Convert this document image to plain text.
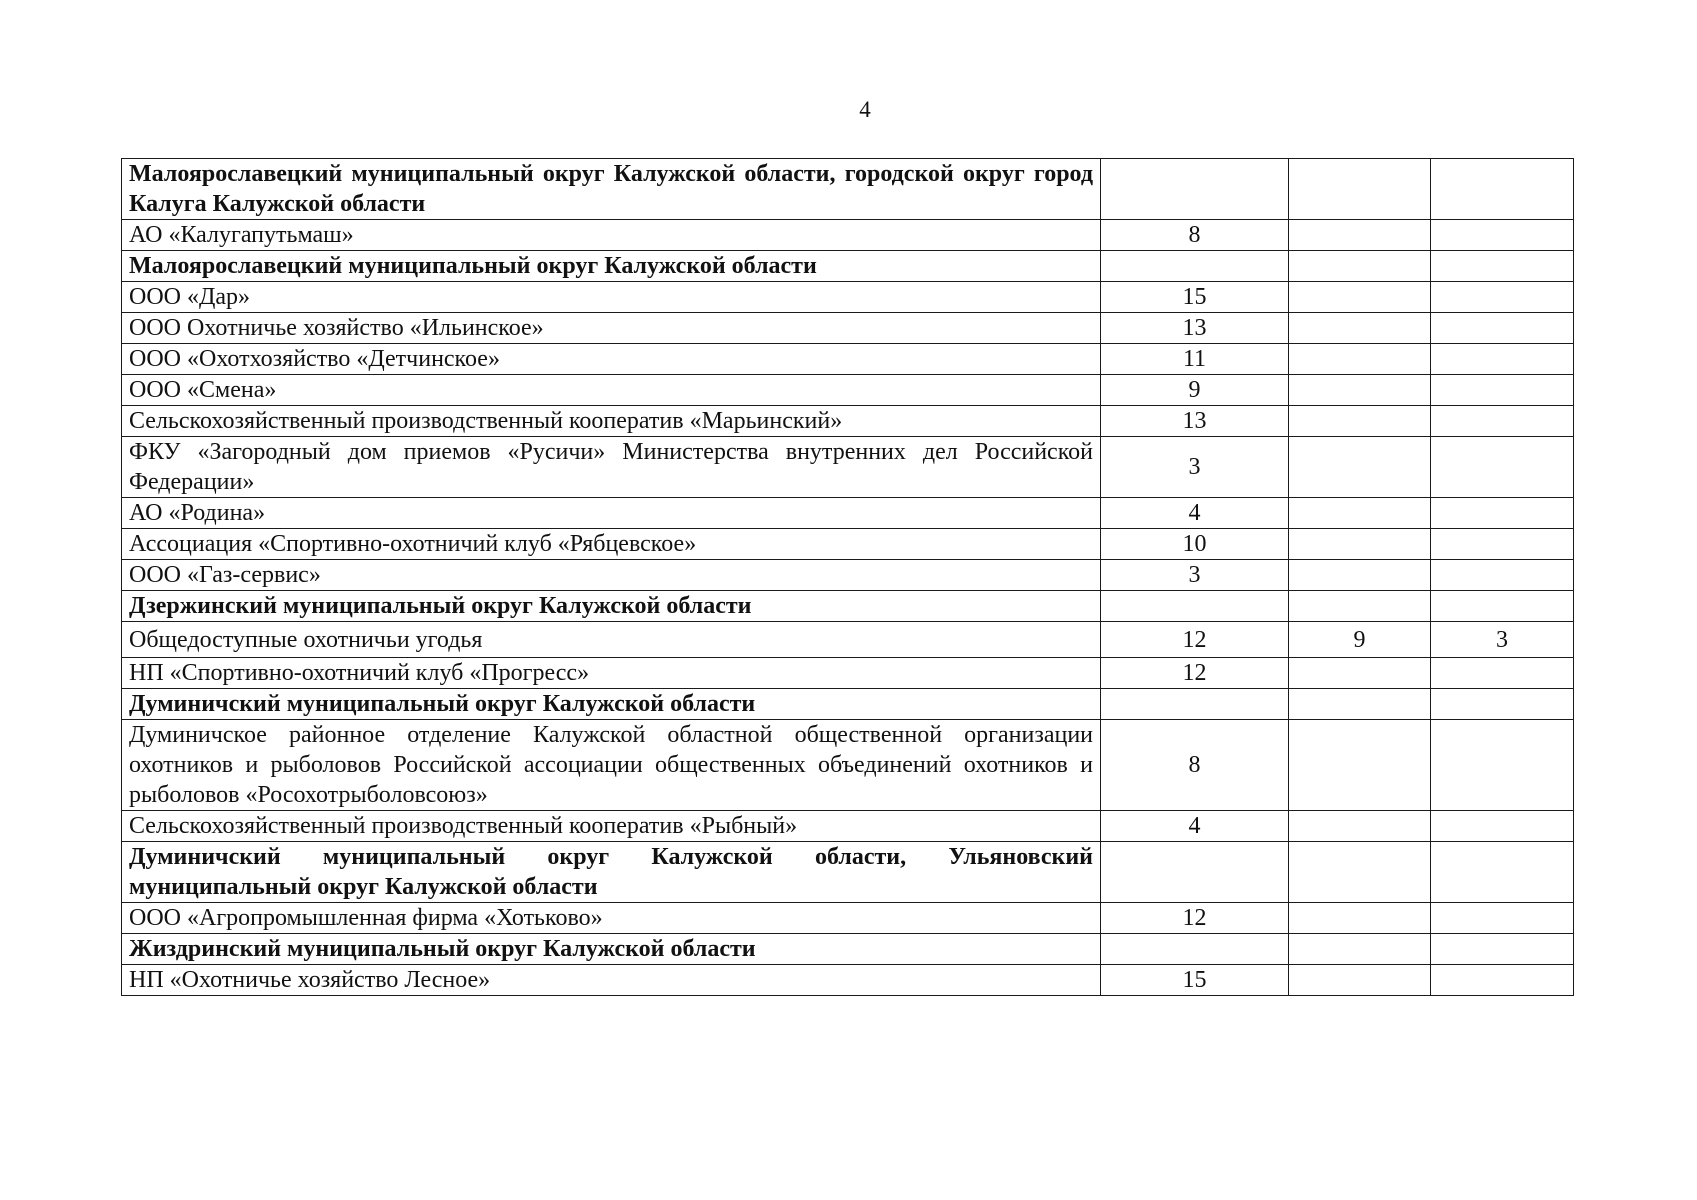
4
Малоярославецкий муниципальный округ Калужской области, городской округ город Калуга Калужской области			
АО «Калугапутьмаш»	8		
Малоярославецкий муниципальный округ Калужской области			
ООО «Дар»	15		
ООО Охотничье хозяйство «Ильинское»	13		
ООО «Охотхозяйство «Детчинское»	11		
ООО «Смена»	9		
Сельскохозяйственный производственный кооператив «Марьинский»	13		
ФКУ «Загородный дом приемов «Русичи» Министерства внутренних дел Российской Федерации»	3		
АО «Родина»	4		
Ассоциация «Спортивно-охотничий клуб «Рябцевское»	10		
ООО «Газ-сервис»	3		
Дзержинский муниципальный округ Калужской области			
Общедоступные охотничьи угодья	12	9	3
НП «Спортивно-охотничий клуб «Прогресс»	12		
Думиничский муниципальный округ Калужской области			
Думиничское районное отделение Калужской областной общественной организации охотников и рыболовов Российской ассоциации общественных объединений охотников и рыболовов «Росохотрыболовсоюз»	8		
Сельскохозяйственный производственный кооператив «Рыбный»	4		
Думиничский муниципальный округ Калужской области, Ульяновский муниципальный округ Калужской области			
ООО «Агропромышленная фирма «Хотьково»	12		
Жиздринский муниципальный округ Калужской области			
НП «Охотничье хозяйство Лесное»	15		
